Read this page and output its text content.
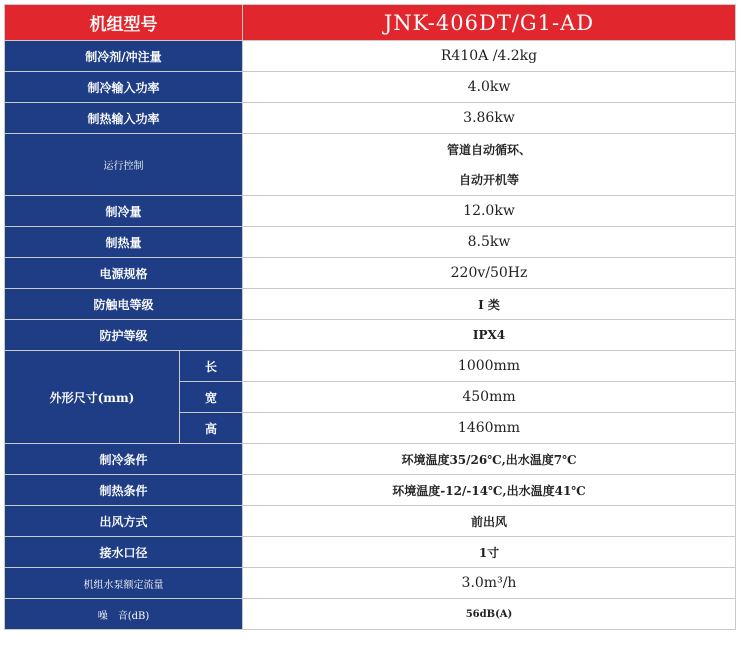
机组型号		JNK-406DT/G1-AD
制冷剂/冲注量		R410A /4.2kg
制冷输入功率		4.0kw
制热输入功率		3.86kw
运行控制		管道自动循环、
自动开机等

制冷量		12.0kw
制热量		8.5kw
电源规格		220v/50Hz
防触电等级		I 类
防护等级		IPX4
外形尺寸(mm)	长	1000mm
	宽	450mm
	高	1460mm
制冷条件		环境温度35/26℃,出水温度7℃
制热条件		环境温度-12/-14℃,出水温度41℃
出风方式		前出风
接水口径		1寸
机组水泵额定流量		3.0m³/h
噪　音(dB)		56dB(A)
